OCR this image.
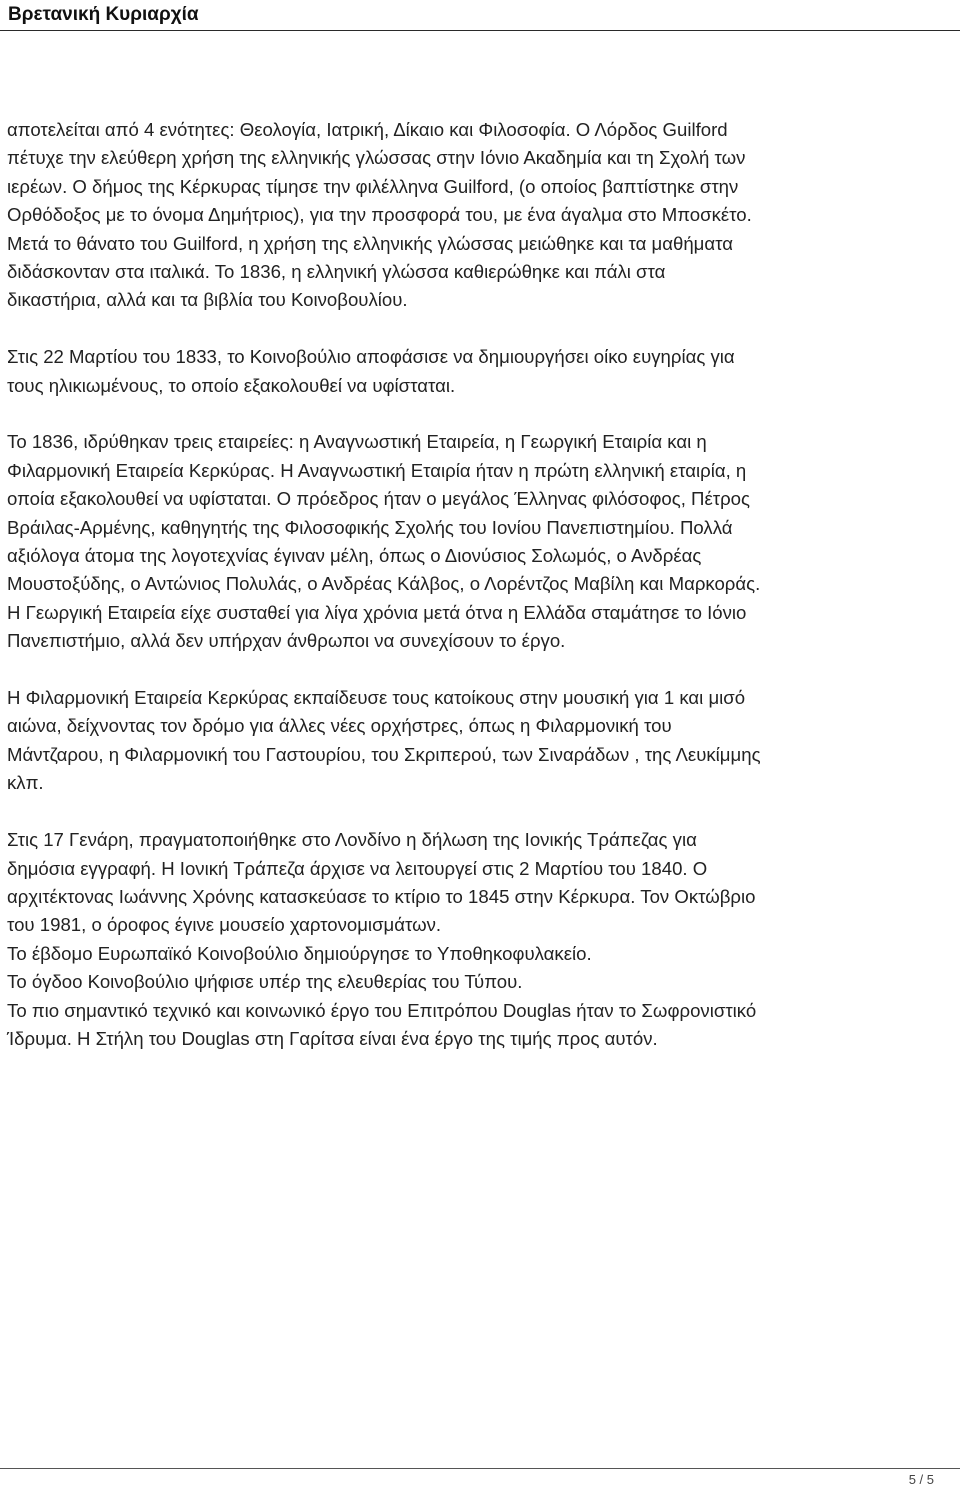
Βρετανική Κυριαρχία

αποτελείται από 4 ενότητες: Θεολογία, Ιατρική, Δίκαιο και Φιλοσοφία. Ο Λόρδος Guilford
πέτυχε την ελεύθερη χρήση της ελληνικής γλώσσας στην Ιόνιο Ακαδημία και τη Σχολή των
ιερέων. Ο δήμος της Κέρκυρας τίμησε την φιλέλληνα Guilford, (ο οποίος βαπτίστηκε στην
Ορθόδοξος με το όνομα Δημήτριος), για την προσφορά του, με ένα άγαλμα στο Μποσκέτο.
Μετά το θάνατο του Guilford, η χρήση της ελληνικής γλώσσας μειώθηκε και τα μαθήματα
διδάσκονταν στα ιταλικά. Το 1836, η ελληνική γλώσσα καθιερώθηκε και πάλι στα
δικαστήρια, αλλά και τα βιβλία του Κοινοβουλίου.

Στις 22 Μαρτίου του 1833, το Κοινοβούλιο αποφάσισε να δημιουργήσει οίκο ευγηρίας για
τους ηλικιωμένους, το οποίο εξακολουθεί να υφίσταται.

Το 1836, ιδρύθηκαν τρεις εταιρείες: η Αναγνωστική Εταιρεία, η Γεωργική Εταιρία και η
Φιλαρμονική Εταιρεία Κερκύρας. Η Αναγνωστική Εταιρία ήταν η πρώτη ελληνική εταιρία, η
οποία εξακολουθεί να υφίσταται. Ο πρόεδρος ήταν ο μεγάλος Έλληνας φιλόσοφος, Πέτρος
Βράιλας-Αρμένης, καθηγητής της Φιλοσοφικής Σχολής του Ιονίου Πανεπιστημίου. Πολλά
αξιόλογα άτομα της λογοτεχνίας έγιναν μέλη, όπως ο Διονύσιος Σολωμός, ο Ανδρέας
Μουστοξύδης, ο Αντώνιος Πολυλάς, ο Ανδρέας Κάλβος, ο Λορέντζος Μαβίλη και Μαρκοράς.
Η Γεωργική Εταιρεία είχε συσταθεί για λίγα χρόνια μετά ότνα η Ελλάδα σταμάτησε το Ιόνιο
Πανεπιστήμιο, αλλά δεν υπήρχαν άνθρωποι να συνεχίσουν το έργο.

Η Φιλαρμονική Εταιρεία Κερκύρας εκπαίδευσε τους κατοίκους στην μουσική για 1 και μισό
αιώνα, δείχνοντας τον δρόμο για άλλες νέες ορχήστρες, όπως η Φιλαρμονική του
Μάντζαρου, η Φιλαρμονική του Γαστουρίου, του Σκριπερού, των Σιναράδων , της Λευκίμμης
κλπ.

Στις 17 Γενάρη, πραγματοποιήθηκε στο Λονδίνο η δήλωση της Ιονικής Τράπεζας για
δημόσια εγγραφή. Η Ιονική Τράπεζα άρχισε να λειτουργεί στις 2 Μαρτίου του 1840. Ο
αρχιτέκτονας Ιωάννης Χρόνης κατασκεύασε το κτίριο το 1845 στην Κέρκυρα. Τον Οκτώβριο
του 1981, ο όροφος έγινε μουσείο χαρτονομισμάτων.
Το έβδομο Ευρωπαϊκό Κοινοβούλιο δημιούργησε το Υποθηκοφυλακείο.
Το όγδοο Κοινοβούλιο ψήφισε υπέρ της ελευθερίας του Τύπου.
Το πιο σημαντικό τεχνικό και κοινωνικό έργο του Επιτρόπου Douglas ήταν το Σωφρονιστικό
Ίδρυμα. Η Στήλη του Douglas στη Γαρίτσα είναι ένα έργο της τιμής προς αυτόν.

5 / 5
